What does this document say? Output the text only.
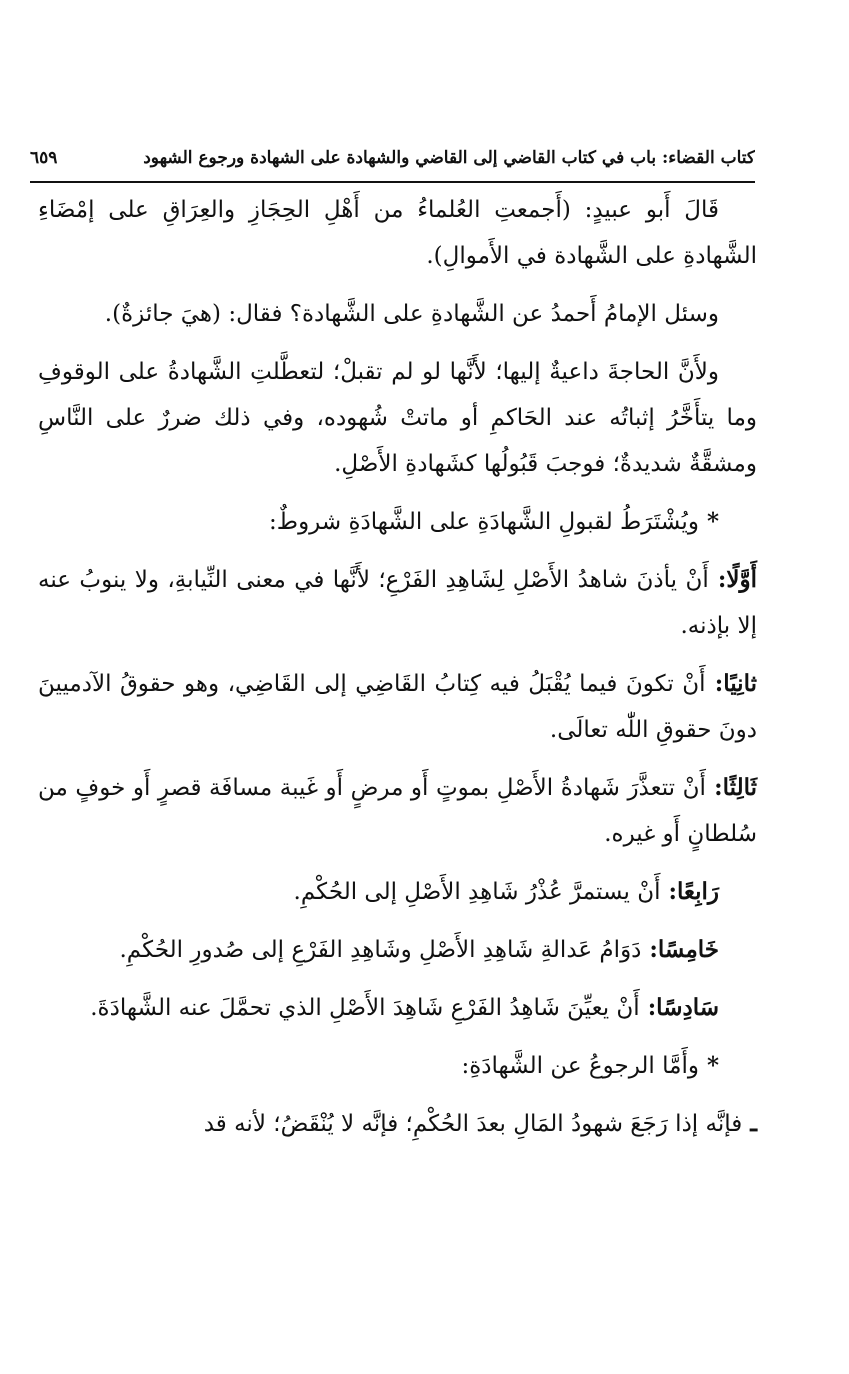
كتاب القضاء: باب في كتاب القاضي إلى القاضي والشهادة على الشهادة ورجوع الشهود
٦٥٩

قَالَ أَبو عبيدٍ: (أَجمعتِ العُلماءُ من أَهْلِ الحِجَازِ والعِرَاقِ على إمْضَاءِ الشَّهادةِ على الشَّهادة في الأَموالِ).

وسئل الإمامُ أَحمدُ عن الشَّهادةِ على الشَّهادة؟ فقال: (هيَ جائزةٌ).

ولأَنَّ الحاجةَ داعيةٌ إليها؛ لأَنَّها لو لم تقبلْ؛ لتعطَّلتِ الشَّهادةُ على الوقوفِ وما يتأَخَّرُ إثباتُه عند الحَاكمِ أو ماتتْ شُهوده، وفي ذلك ضررٌ على النَّاسِ ومشقَّةٌ شديدةٌ؛ فوجبَ قَبُولُها كشَهادةِ الأَصْلِ.

* ويُشْتَرَطُ لقبولِ الشَّهادَةِ على الشَّهادَةِ شروطٌ:

أَوَّلًا: أَنْ يأذنَ شاهدُ الأَصْلِ لِشَاهِدِ الفَرْعِ؛ لأَنَّها في معنى النِّيابةِ، ولا ينوبُ عنه إلا بإذنه.

ثانِيًا: أَنْ تكونَ فيما يُقْبَلُ فيه كِتابُ القَاضِي إلى القَاضِي، وهو حقوقُ الآدميينَ دونَ حقوقِ اللّٰه تعالَى.

ثَالِثًا: أَنْ تتعذَّرَ شَهادةُ الأَصْلِ بموتٍ أَو مرضٍ أَو غَيبة مسافَة قصرٍ أَو خوفٍ من سُلطانٍ أَو غيره.

رَابِعًا: أَنْ يستمرَّ عُذْرُ شَاهِدِ الأَصْلِ إلى الحُكْمِ.

خَامِسًا: دَوَامُ عَدالةِ شَاهِدِ الأَصْلِ وشَاهِدِ الفَرْعِ إلى صُدورِ الحُكْمِ.

سَادِسًا: أَنْ يعيِّنَ شَاهِدُ الفَرْعِ شَاهِدَ الأَصْلِ الذي تحمَّلَ عنه الشَّهادَةَ.

* وأَمَّا الرجوعُ عن الشَّهادَةِ:

ـ فإنَّه إذا رَجَعَ شهودُ المَالِ بعدَ الحُكْمِ؛ فإنَّه لا يُنْقَضُ؛ لأنه قد
